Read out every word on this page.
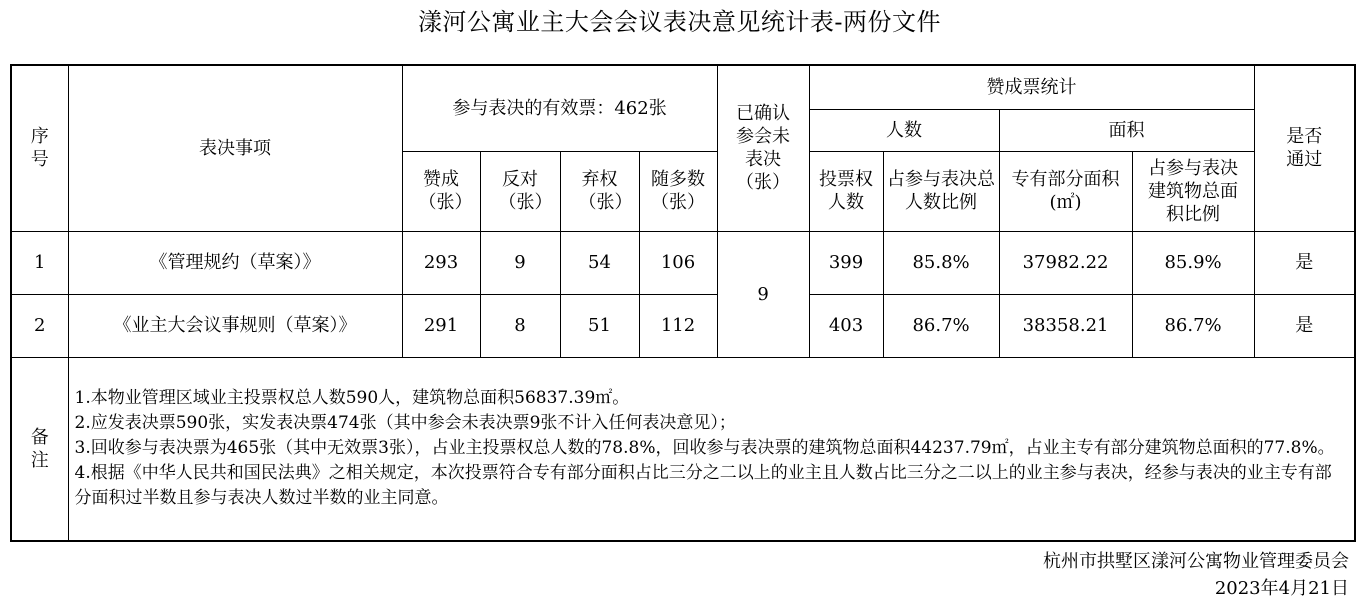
漾河公寓业主大会会议表决意见统计表-两份文件
序号	表决事项	参与表决的有效票：462张				已确认参会未表决（张）	赞成票统计				是否通过
							人数		面积		
		赞成（张）	反对（张）	弃权（张）	随多数（张）		投票权人数	占参与表决总人数比例	专有部分面积(㎡)	占参与表决建筑物总面积比例	
1	《管理规约（草案）》	293	9	54	106	9	399	85.8%	37982.22	85.9%	是
2	《业主大会议事规则（草案）》	291	8	51	112		403	86.7%	38358.21	86.7%	是
备注	1.本物业管理区域业主投票权总人数590人，建筑物总面积56837.39㎡。
2.应发表决票590张，实发表决票474张（其中参会未表决票9张不计入任何表决意见）；
3.回收参与表决票为465张（其中无效票3张），占业主投票权总人数的78.8%，回收参与表决票的建筑物总面积44237.79㎡，占业主专有部分建筑物总面积的77.8%。
4.根据《中华人民共和国民法典》之相关规定，本次投票符合专有部分面积占比三分之二以上的业主且人数占比三分之二以上的业主参与表决，经参与表决的业主专有部分面积过半数且参与表决人数过半数的业主同意。										
杭州市拱墅区漾河公寓物业管理委员会
2023年4月21日
